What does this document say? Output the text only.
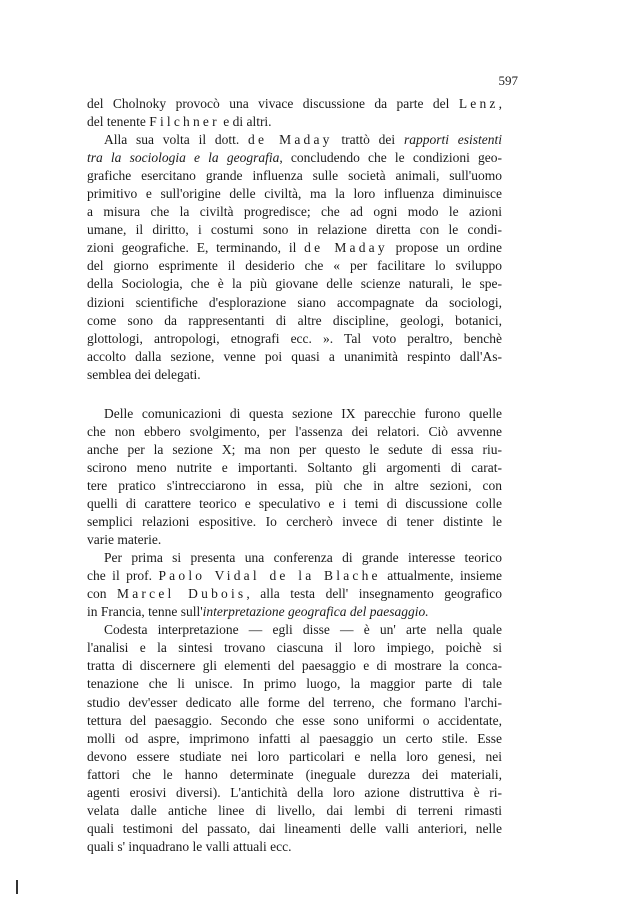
597

del Cholnoky provocò una vivace discussione da parte del Lenz,
del tenente Filchner e di altri.

Alla sua volta il dott. de Maday trattò dei rapporti esistenti
tra la sociologia e la geografia, concludendo che le condizioni geo-
grafiche esercitano grande influenza sulle società animali, sull'uomo
primitivo e sull'origine delle civiltà, ma la loro influenza diminuisce
a misura che la civiltà progredisce; che ad ogni modo le azioni
umane, il diritto, i costumi sono in relazione diretta con le condi-
zioni geografiche. E, terminando, il de Maday propose un ordine
del giorno esprimente il desiderio che « per facilitare lo sviluppo
della Sociologia, che è la più giovane delle scienze naturali, le spe-
dizioni scientifiche d'esplorazione siano accompagnate da sociologi,
come sono da rappresentanti di altre discipline, geologi, botanici,
glottologi, antropologi, etnografi ecc. ». Tal voto peraltro, benchè
accolto dalla sezione, venne poi quasi a unanimità respinto dall'As-
semblea dei delegati.

Delle comunicazioni di questa sezione IX parecchie furono quelle
che non ebbero svolgimento, per l'assenza dei relatori. Ciò avvenne
anche per la sezione X; ma non per questo le sedute di essa riu-
scirono meno nutrite e importanti. Soltanto gli argomenti di carat-
tere pratico s'intrecciarono in essa, più che in altre sezioni, con
quelli di carattere teorico e speculativo e i temi di discussione colle
semplici relazioni espositive. Io cercherò invece di tener distinte le
varie materie.

Per prima si presenta una conferenza di grande interesse teorico
che il prof. Paolo Vidal de la Blache attualmente, insieme
con Marcel Dubois, alla testa dell' insegnamento geografico
in Francia, tenne sull'interpretazione geografica del paesaggio.

Codesta interpretazione — egli disse — è un' arte nella quale
l'analisi e la sintesi trovano ciascuna il loro impiego, poichè si
tratta di discernere gli elementi del paesaggio e di mostrare la conca-
tenazione che li unisce. In primo luogo, la maggior parte di tale
studio dev'esser dedicato alle forme del terreno, che formano l'archi-
tettura del paesaggio. Secondo che esse sono uniformi o accidentate,
molli od aspre, imprimono infatti al paesaggio un certo stile. Esse
devono essere studiate nei loro particolari e nella loro genesi, nei
fattori che le hanno determinate (ineguale durezza dei materiali,
agenti erosivi diversi). L'antichità della loro azione distruttiva è ri-
velata dalle antiche linee di livello, dai lembi di terreni rimasti
quali testimoni del passato, dai lineamenti delle valli anteriori, nelle
quali s' inquadrano le valli attuali ecc.
